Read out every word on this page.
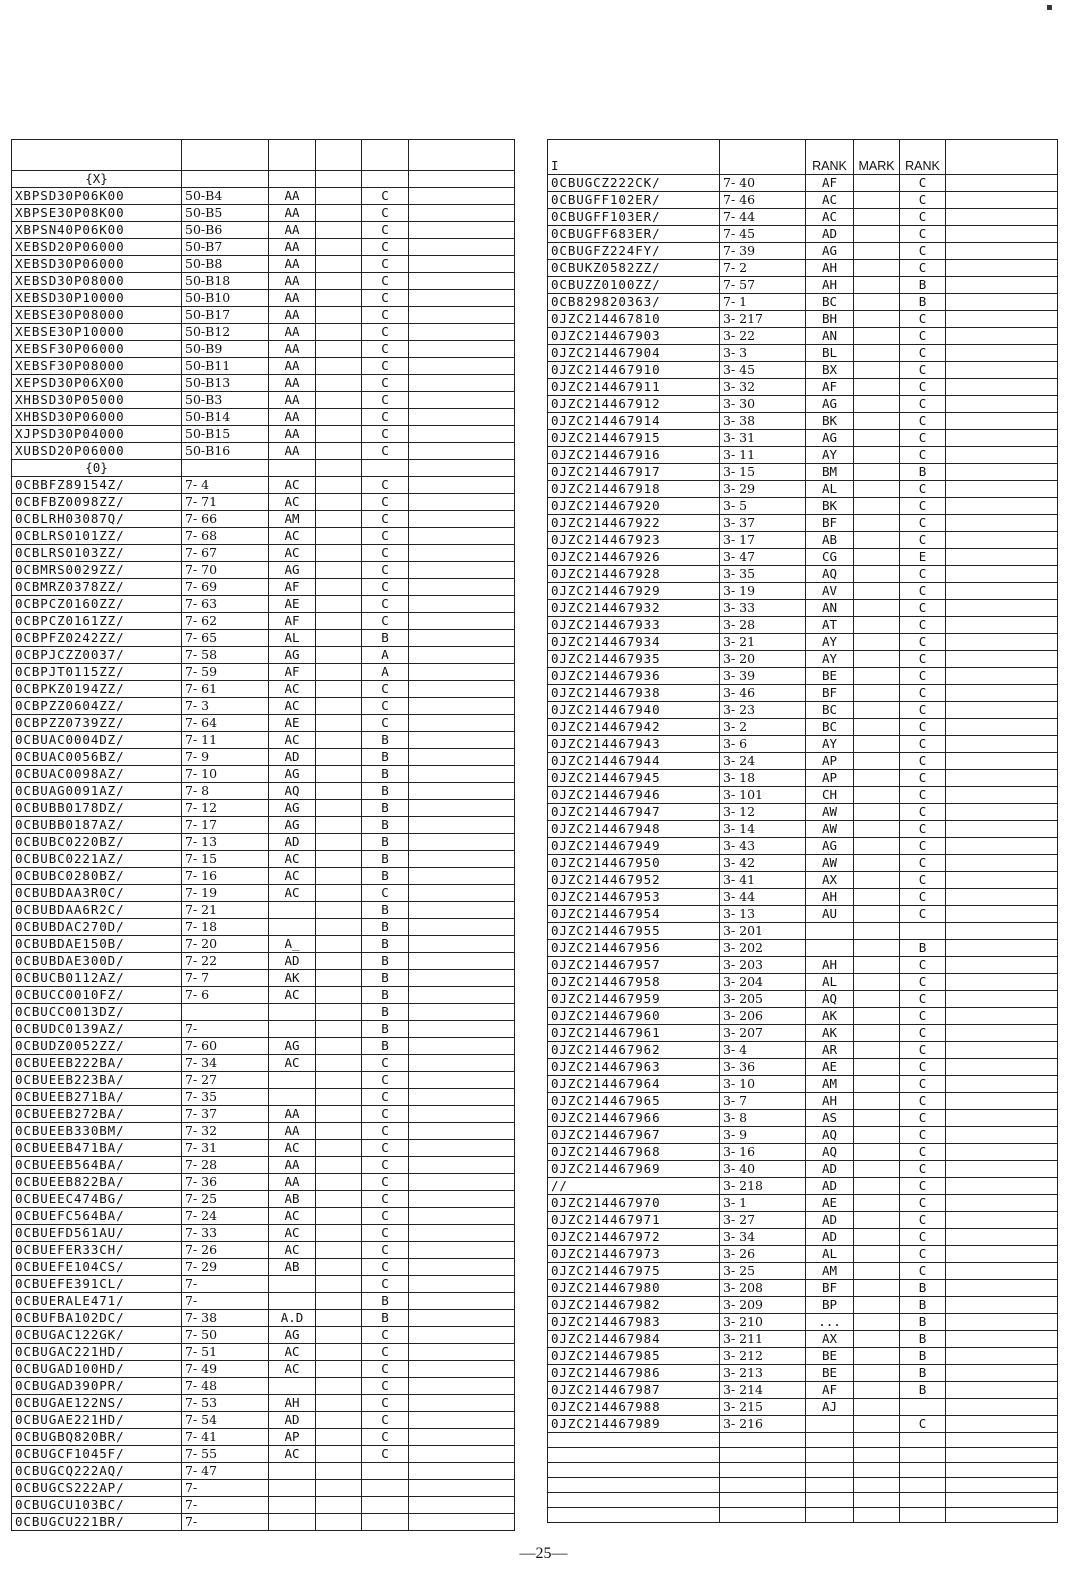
{X}					
XBPSD30P06K00	50-B4	AA		C	
XBPSE30P08K00	50-B5	AA		C	
XBPSN40P06K00	50-B6	AA		C	
XEBSD20P06000	50-B7	AA		C	
XEBSD30P06000	50-B8	AA		C	
XEBSD30P08000	50-B18	AA		C	
XEBSD30P10000	50-B10	AA		C	
XEBSE30P08000	50-B17	AA		C	
XEBSE30P10000	50-B12	AA		C	
XEBSF30P06000	50-B9	AA		C	
XEBSF30P08000	50-B11	AA		C	
XEPSD30P06X00	50-B13	AA		C	
XHBSD30P05000	50-B3	AA		C	
XHBSD30P06000	50-B14	AA		C	
XJPSD30P04000	50-B15	AA		C	
XUBSD20P06000	50-B16	AA		C	
{0}					
0CBBFZ89154Z/	7- 4	AC		C	
0CBFBZ0098ZZ/	7- 71	AC		C	
0CBLRH03087Q/	7- 66	AM		C	
0CBLRS0101ZZ/	7- 68	AC		C	
0CBLRS0103ZZ/	7- 67	AC		C	
0CBMRS0029ZZ/	7- 70	AG		C	
0CBMRZ0378ZZ/	7- 69	AF		C	
0CBPCZ0160ZZ/	7- 63	AE		C	
0CBPCZ0161ZZ/	7- 62	AF		C	
0CBPFZ0242ZZ/	7- 65	AL		B	
0CBPJCZZ0037/	7- 58	AG		A	
0CBPJT0115ZZ/	7- 59	AF		A	
0CBPKZ0194ZZ/	7- 61	AC		C	
0CBPZZ0604ZZ/	7- 3	AC		C	
0CBPZZ0739ZZ/	7- 64	AE		C	
0CBUAC0004DZ/	7- 11	AC		B	
0CBUAC0056BZ/	7- 9	AD		B	
0CBUAC0098AZ/	7- 10	AG		B	
0CBUAG0091AZ/	7- 8	AQ		B	
0CBUBB0178DZ/	7- 12	AG		B	
0CBUBB0187AZ/	7- 17	AG		B	
0CBUBC0220BZ/	7- 13	AD		B	
0CBUBC0221AZ/	7- 15	AC		B	
0CBUBC0280BZ/	7- 16	AC		B	
0CBUBDAA3R0C/	7- 19	AC		C	
0CBUBDAA6R2C/	7- 21			B	
0CBUBDAC270D/	7- 18			B	
0CBUBDAE150B/	7- 20	A_		B	
0CBUBDAE300D/	7- 22	AD		B	
0CBUCB0112AZ/	7- 7	AK		B	
0CBUCC0010FZ/	7- 6	AC		B	
0CBUCC0013DZ/				B	
0CBUDC0139AZ/	7-			B	
0CBUDZ0052ZZ/	7- 60	AG		B	
0CBUEEB222BA/	7- 34	AC		C	
0CBUEEB223BA/	7- 27			C	
0CBUEEB271BA/	7- 35			C	
0CBUEEB272BA/	7- 37	AA		C	
0CBUEEB330BM/	7- 32	AA		C	
0CBUEEB471BA/	7- 31	AC		C	
0CBUEEB564BA/	7- 28	AA		C	
0CBUEEB822BA/	7- 36	AA		C	
0CBUEEC474BG/	7- 25	AB		C	
0CBUEFC564BA/	7- 24	AC		C	
0CBUEFD561AU/	7- 33	AC		C	
0CBUEFER33CH/	7- 26	AC		C	
0CBUEFE104CS/	7- 29	AB		C	
0CBUEFE391CL/	7-			C	
0CBUERALE471/	7-			B	
0CBUFBA102DC/	7- 38	A.D		B	
0CBUGAC122GK/	7- 50	AG		C	
0CBUGAC221HD/	7- 51	AC		C	
0CBUGAD100HD/	7- 49	AC		C	
0CBUGAD390PR/	7- 48			C	
0CBUGAE122NS/	7- 53	AH		C	
0CBUGAE221HD/	7- 54	AD		C	
0CBUGBQ820BR/	7- 41	AP		C	
0CBUGCF1045F/	7- 55	AC		C	
0CBUGCQ222AQ/	7- 47				
0CBUGCS222AP/	7-				
0CBUGCU103BC/	7-				
0CBUGCU221BR/	7-				
I		RANK	MARK	RANK	
0CBUGCZ222CK/	7- 40	AF		C	
0CBUGFF102ER/	7- 46	AC		C	
0CBUGFF103ER/	7- 44	AC		C	
0CBUGFF683ER/	7- 45	AD		C	
0CBUGFZ224FY/	7- 39	AG		C	
0CBUKZ0582ZZ/	7- 2	AH		C	
0CBUZZ0100ZZ/	7- 57	AH		B	
0CB829820363/	7- 1	BC		B	
0JZC214467810	3- 217	BH		C	
0JZC214467903	3- 22	AN		C	
0JZC214467904	3- 3	BL		C	
0JZC214467910	3- 45	BX		C	
0JZC214467911	3- 32	AF		C	
0JZC214467912	3- 30	AG		C	
0JZC214467914	3- 38	BK		C	
0JZC214467915	3- 31	AG		C	
0JZC214467916	3- 11	AY		C	
0JZC214467917	3- 15	BM		B	
0JZC214467918	3- 29	AL		C	
0JZC214467920	3- 5	BK		C	
0JZC214467922	3- 37	BF		C	
0JZC214467923	3- 17	AB		C	
0JZC214467926	3- 47	CG		E	
0JZC214467928	3- 35	AQ		C	
0JZC214467929	3- 19	AV		C	
0JZC214467932	3- 33	AN		C	
0JZC214467933	3- 28	AT		C	
0JZC214467934	3- 21	AY		C	
0JZC214467935	3- 20	AY		C	
0JZC214467936	3- 39	BE		C	
0JZC214467938	3- 46	BF		C	
0JZC214467940	3- 23	BC		C	
0JZC214467942	3- 2	BC		C	
0JZC214467943	3- 6	AY		C	
0JZC214467944	3- 24	AP		C	
0JZC214467945	3- 18	AP		C	
0JZC214467946	3- 101	CH		C	
0JZC214467947	3- 12	AW		C	
0JZC214467948	3- 14	AW		C	
0JZC214467949	3- 43	AG		C	
0JZC214467950	3- 42	AW		C	
0JZC214467952	3- 41	AX		C	
0JZC214467953	3- 44	AH		C	
0JZC214467954	3- 13	AU		C	
0JZC214467955	3- 201				
0JZC214467956	3- 202			B	
0JZC214467957	3- 203	AH		C	
0JZC214467958	3- 204	AL		C	
0JZC214467959	3- 205	AQ		C	
0JZC214467960	3- 206	AK		C	
0JZC214467961	3- 207	AK		C	
0JZC214467962	3- 4	AR		C	
0JZC214467963	3- 36	AE		C	
0JZC214467964	3- 10	AM		C	
0JZC214467965	3- 7	AH		C	
0JZC214467966	3- 8	AS		C	
0JZC214467967	3- 9	AQ		C	
0JZC214467968	3- 16	AQ		C	
0JZC214467969	3- 40	AD		C	
//	3- 218	AD		C	
0JZC214467970	3- 1	AE		C	
0JZC214467971	3- 27	AD		C	
0JZC214467972	3- 34	AD		C	
0JZC214467973	3- 26	AL		C	
0JZC214467975	3- 25	AM		C	
0JZC214467980	3- 208	BF		B	
0JZC214467982	3- 209	BP		B	
0JZC214467983	3- 210	...		B	
0JZC214467984	3- 211	AX		B	
0JZC214467985	3- 212	BE		B	
0JZC214467986	3- 213	BE		B	
0JZC214467987	3- 214	AF		B	
0JZC214467988	3- 215	AJ			
0JZC214467989	3- 216			C	

—25—
▪
